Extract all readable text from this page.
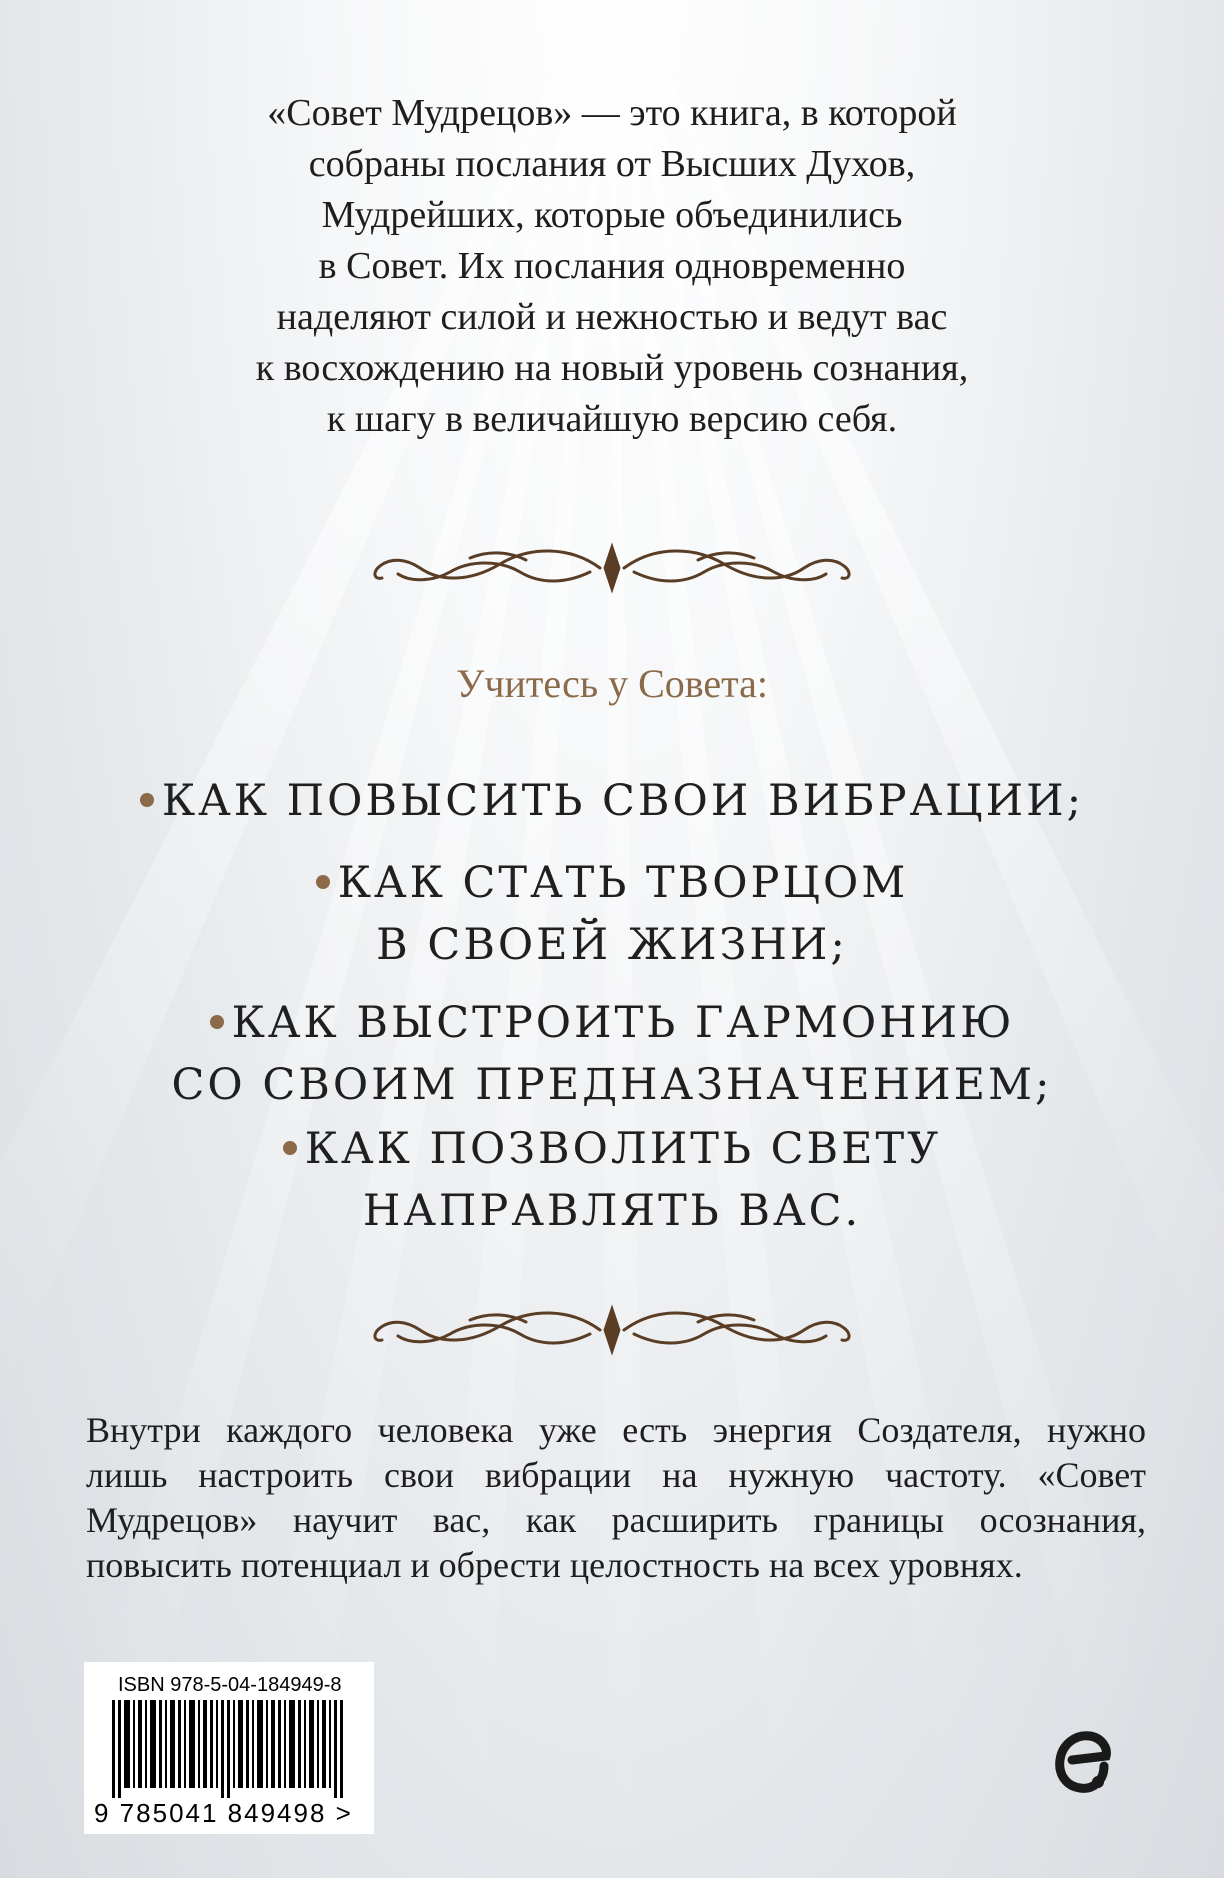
«Совет Мудрецов» — это книга, в которой
собраны послания от Высших Духов,
Мудрейших, которые объединились
в Совет. Их послания одновременно
наделяют силой и нежностью и ведут вас
к восхождению на новый уровень сознания,
к шагу в величайшую версию себя.

Учитесь у Совета:

КАК ПОВЫСИТЬ СВОИ ВИБРАЦИИ;
КАК СТАТЬ ТВОРЦОМ
В СВОЕЙ ЖИЗНИ;
КАК ВЫСТРОИТЬ ГАРМОНИЮ
СО СВОИМ ПРЕДНАЗНАЧЕНИЕМ;
КАК ПОЗВОЛИТЬ СВЕТУ
НАПРАВЛЯТЬ ВАС.

Внутри каждого человека уже есть энергия Создателя, нужно
лишь настроить свои вибрации на нужную частоту. «Совет
Мудрецов» научит вас, как расширить границы осознания,
повысить потенциал и обрести целостность на всех уровнях.

ISBN 978-5-04-184949-8
9 785041 849498 >
